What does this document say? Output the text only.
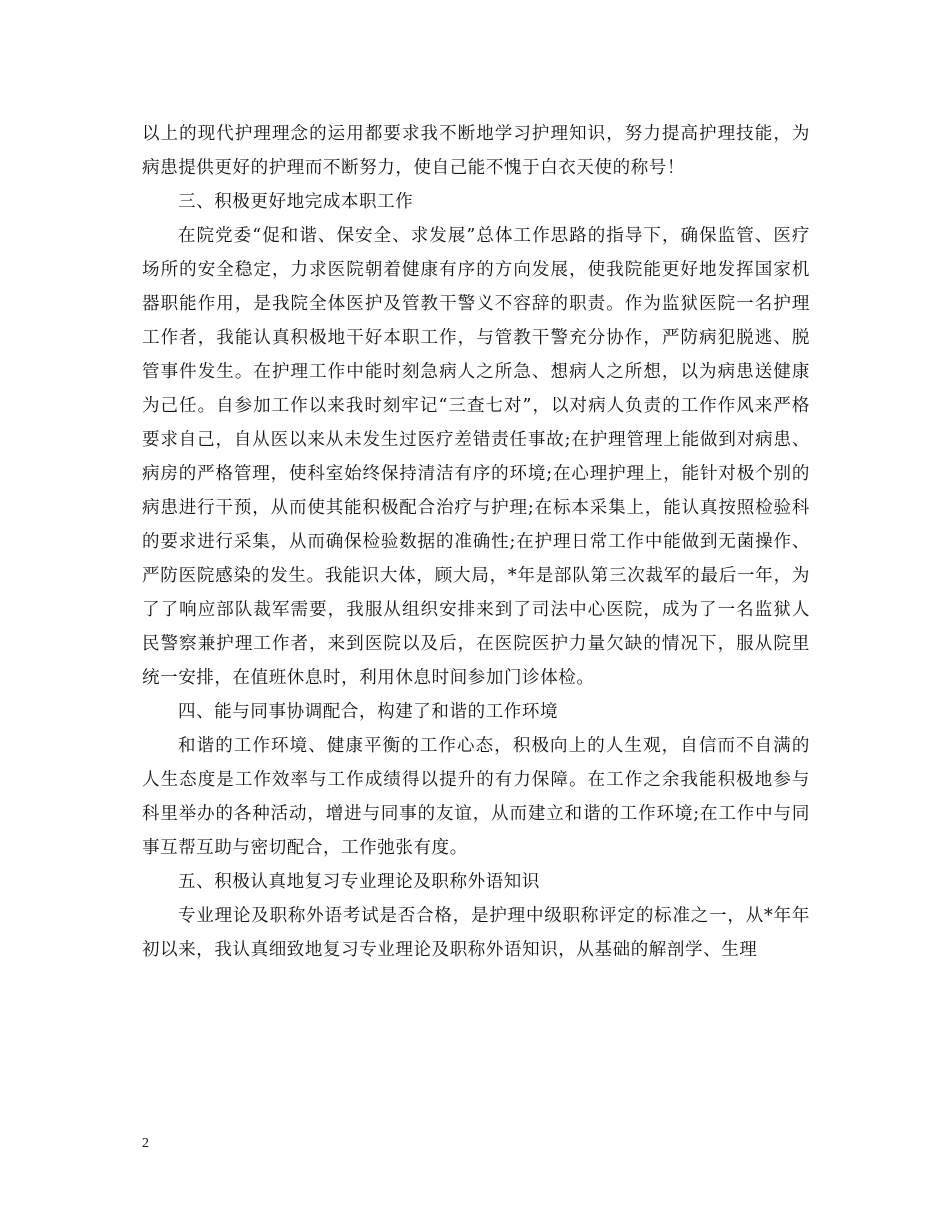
以上的现代护理理念的运用都要求我不断地学习护理知识，努力提高护理技能，为病患提供更好的护理而不断努力，使自己能不愧于白衣天使的称号！

三、积极更好地完成本职工作

在院党委“促和谐、保安全、求发展”总体工作思路的指导下，确保监管、医疗场所的安全稳定，力求医院朝着健康有序的方向发展，使我院能更好地发挥国家机器职能作用，是我院全体医护及管教干警义不容辞的职责。作为监狱医院一名护理工作者，我能认真积极地干好本职工作，与管教干警充分协作，严防病犯脱逃、脱管事件发生。在护理工作中能时刻急病人之所急、想病人之所想，以为病患送健康为己任。自参加工作以来我时刻牢记“三查七对”，以对病人负责的工作作风来严格要求自己，自从医以来从未发生过医疗差错责任事故;在护理管理上能做到对病患、病房的严格管理，使科室始终保持清洁有序的环境;在心理护理上，能针对极个别的病患进行干预，从而使其能积极配合治疗与护理;在标本采集上，能认真按照检验科的要求进行采集，从而确保检验数据的准确性;在护理日常工作中能做到无菌操作、严防医院感染的发生。我能识大体，顾大局，*年是部队第三次裁军的最后一年，为了了响应部队裁军需要，我服从组织安排来到了司法中心医院，成为了一名监狱人民警察兼护理工作者，来到医院以及后，在医院医护力量欠缺的情况下，服从院里统一安排，在值班休息时，利用休息时间参加门诊体检。

四、能与同事协调配合，构建了和谐的工作环境

和谐的工作环境、健康平衡的工作心态，积极向上的人生观，自信而不自满的人生态度是工作效率与工作成绩得以提升的有力保障。在工作之余我能积极地参与科里举办的各种活动，增进与同事的友谊，从而建立和谐的工作环境;在工作中与同事互帮互助与密切配合，工作弛张有度。

五、积极认真地复习专业理论及职称外语知识

专业理论及职称外语考试是否合格，是护理中级职称评定的标准之一，从*年年初以来，我认真细致地复习专业理论及职称外语知识，从基础的解剖学、生理

2
